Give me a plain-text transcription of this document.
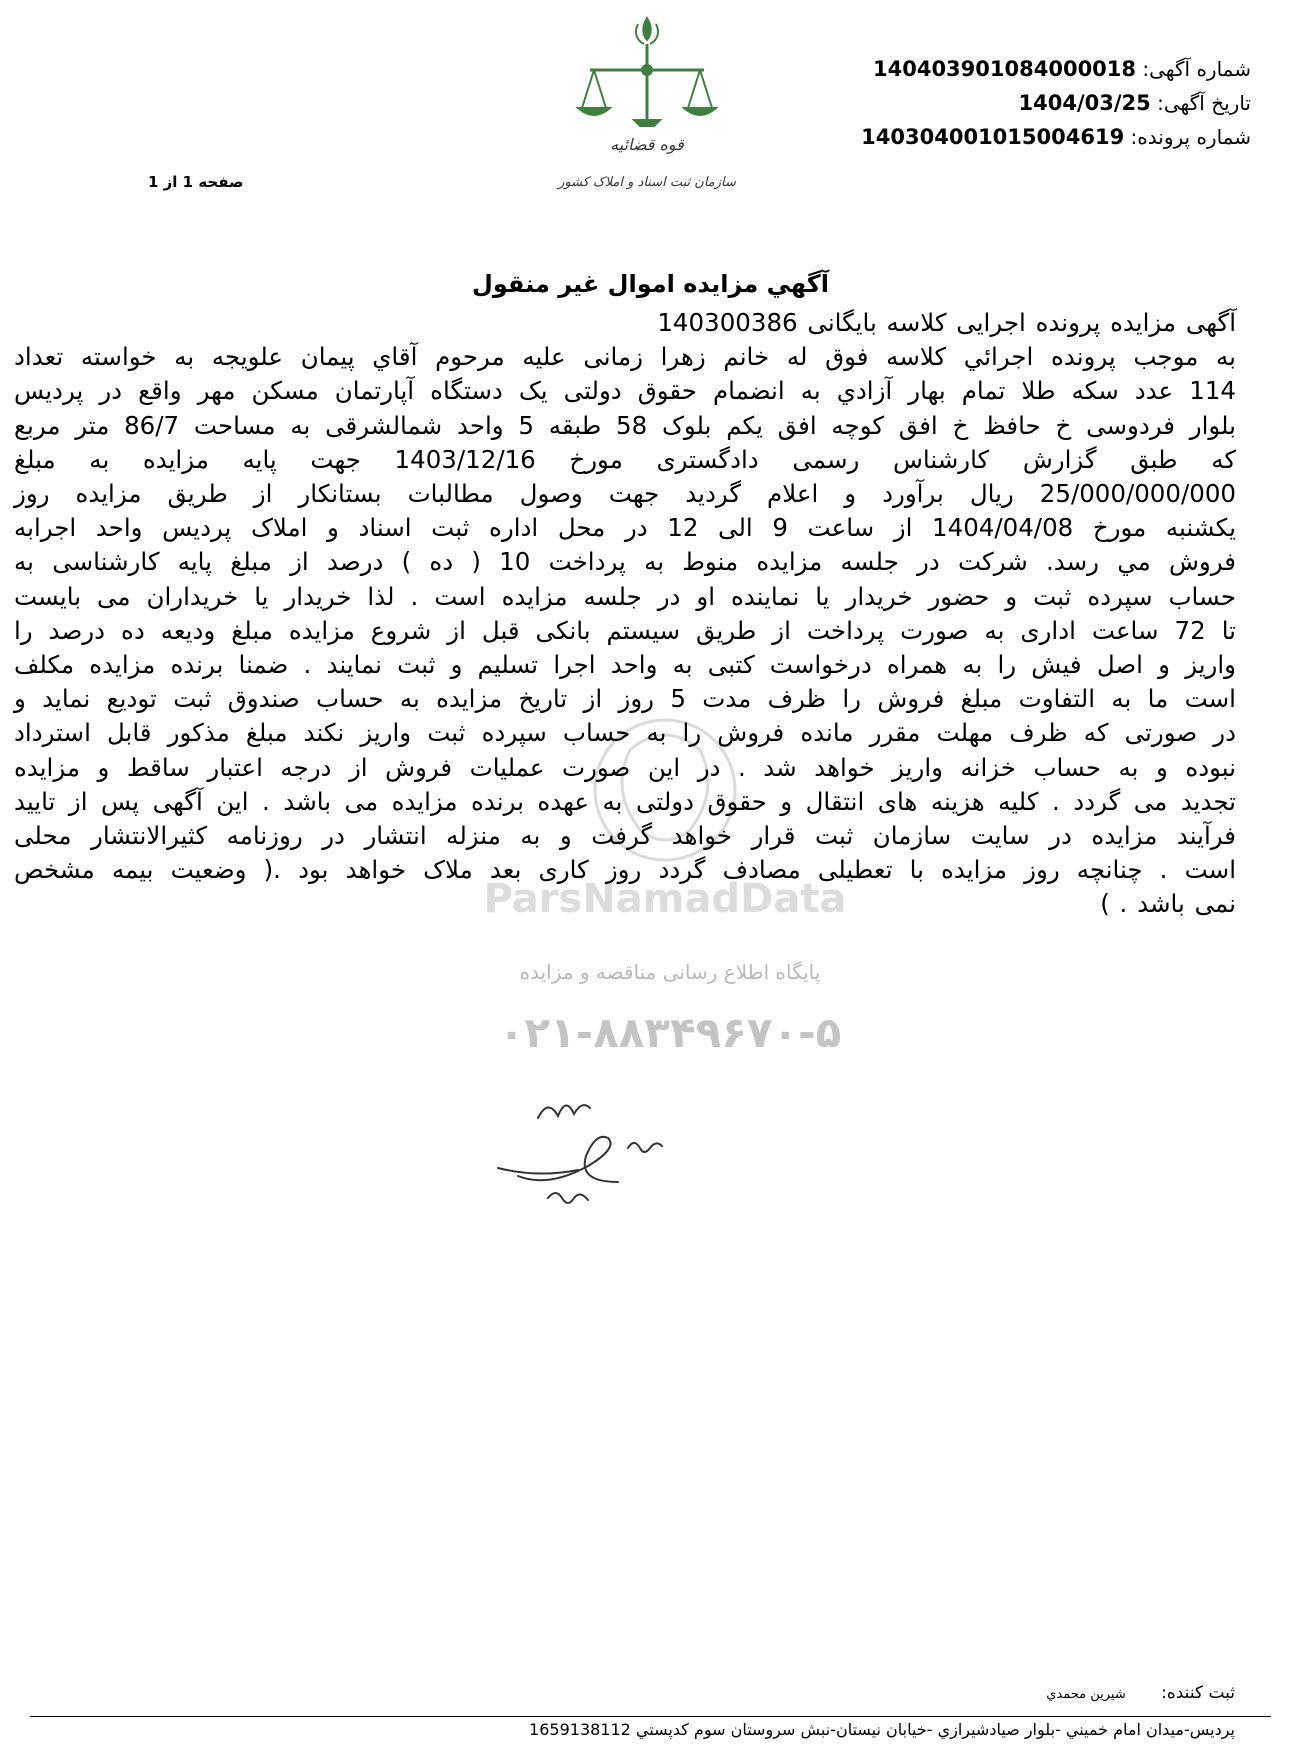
قوه قضائیه
سازمان ثبت اسناد و املاک کشور
شماره آگهی: 140403901084000018
تاریخ آگهی: 1404/03/25
شماره پرونده: 140304001015004619
صفحه 1 از 1
آگهي مزايده اموال غير منقول
ParsNamadData
پایگاه اطلاع رسانی مناقصه و مزایده
۰۲۱-۸۸۳۴۹۶۷۰-۵
آگهی مزایده پرونده اجرایی کلاسه بایگانی 140300386
به موجب پرونده اجرائي کلاسه فوق له خانم زهرا زمانی علیه مرحوم آقاي پیمان علویجه به خواسته تعداد
114 عدد سکه طلا تمام بهار آزادي به انضمام حقوق دولتی یک دستگاه آپارتمان مسکن مهر واقع در پردیس
بلوار فردوسی خ حافظ خ افق کوچه افق یکم بلوک 58 طبقه 5 واحد شمالشرقی به مساحت 86/7 متر مربع
که طبق گزارش کارشناس رسمی دادگستری مورخ 1403/12/16 جهت پایه مزایده به مبلغ
25/000/000/000 ریال برآورد و اعلام گردید جهت وصول مطالبات بستانکار از طریق مزایده روز
یکشنبه مورخ 1404/04/08 از ساعت 9 الی 12 در محل اداره ثبت اسناد و املاک پردیس واحد اجرابه
فروش مي رسد. شرکت در جلسه مزایده منوط به پرداخت 10 ( ده ) درصد از مبلغ پایه کارشناسی به
حساب سپرده ثبت و حضور خریدار یا نماینده او در جلسه مزایده است . لذا خریدار یا خریداران می بایست
تا 72 ساعت اداری به صورت پرداخت از طریق سیستم بانکی قبل از شروع مزایده مبلغ ودیعه ده درصد را
واریز و اصل فیش را به همراه درخواست کتبی به واحد اجرا تسلیم و ثبت نمایند . ضمنا برنده مزایده مکلف
است ما به التفاوت مبلغ فروش را ظرف مدت 5 روز از تاریخ مزایده به حساب صندوق ثبت تودیع نماید و
در صورتی که ظرف مهلت مقرر مانده فروش را به حساب سپرده ثبت واریز نکند مبلغ مذکور قابل استرداد
نبوده و به حساب خزانه واریز خواهد شد . در این صورت عملیات فروش از درجه اعتبار ساقط و مزایده
تجدید می گردد . کلیه هزینه های انتقال و حقوق دولتی به عهده برنده مزایده می باشد . این آگهی پس از تایید
فرآیند مزایده در سایت سازمان ثبت قرار خواهد گرفت و به منزله انتشار در روزنامه کثیرالانتشار محلی
است . چنانچه روز مزایده با تعطیلی مصادف گردد روز کاری بعد ملاک خواهد بود .( وضعیت بیمه مشخص
نمی باشد . )
ثبت کننده: شيرين محمدي
پرديس-ميدان امام خميني -بلوار صيادشيرازي -خيابان نيستان-نبش سروستان سوم کدپستي 1659138112
